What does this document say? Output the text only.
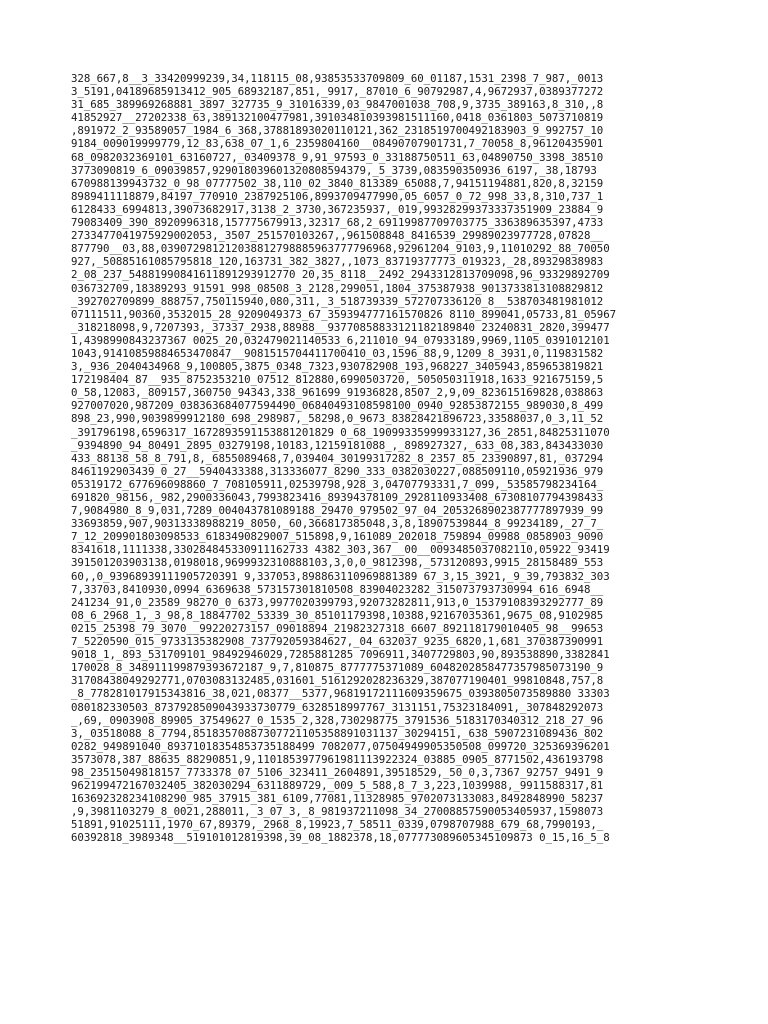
328_667,8__3_33420999239,34,118115_08,93853533709809_60_01187,1531_2398_7_987,_0013
3_5191,04189685913412_905_68932187,851,_9917,_87010_6_90792987,4,9672937,0389377272
31_685_389969268881_3897_327735_9_31016339,03_9847001038_708,9,3735_389163,8_310,,8
41852927__27202338_63,389132100477981,391034810393981511160,0418_0361803_5073710819
,891972_2_93589057_1984_6_368,37881893020110121,362_2318519700492183903_9_992757_10
9184_009019999779,12_83,638_07_1,6_2359804160__08490707901731,7_70058_8,96120435901
68_0982032369101_63160727,_03409378_9,91_97593_0_33188750511_63,04890750_3398_38510
3773090819_6_09039857,929018039601320808594379,_5_3739,083590350936_6197,_38,18793
670988139943732_0_98_07777502_38,110_02_3840_813389_65088,7,94151194881,820,8,32159
8989411118879,84197_770910_2387925106,8993709477990,05_6057_0_72_998_33,8,310,737_1
6128433_6994813,39073682917,3138_2_3730,367235937,_019,99328299373337351909_23884_9
79083409_390_8920996318,157775679913,32317_68,2_69119987709703775_336389635397,4733
273347704197592900205З,_3507_251570103267,,961508848_8416539_29989023977728,07828__
877790__03,88,039072981212038812798885963777796968,92961204_9103,9,11010292_88_70050
927,_50885161085795818_120,163731_382_3827,,1073_83719377773_019323,_28,89329838983
2_08_237_54881990841611891293912770 20,35_8118__2492_2943312813709098,96_93329892709
036732709,18389293_91591_998_08508_3_2128,299051,1804_375387938_9013733813108829812
_392702709899_888757,750115940,080,311,_3_518739339_572707336120_8__538703481981012
07111511,90360,3532015_28_9209049373_67_359394777161570826 8110_899041,05733,81_05967
_318218098,9,7207393,_37337_2938,88988__93770858833121182189840 23240831_2820,399477
1,4398990843237367 0025_20,032479021140533_6,211010_94_07933189,9969,1105_0391012101
1043,91410859884653470847__9081515704411700410_03,1596_88,9,1209_8_3931,0,119831582
3,_936_2040434968_9,100805,3875_0348_7323,930782908_193,968227_3405943,859653819821
172198404_87__935_8752353210_07512_812880,6990503720,_505050311918,1633_921675159,5
0_58,12083,_809157,360750_94343,338_961699_91936828,8507_2,9,09_823615169828,038863
927007020,987209_038363684077594490_06840493108598100_0940_92853872155_989030,8_499
898_23,990,9039899912180_698_298987,_58298,0_9673_83828421896723,33588037,0_3,11_52
_391796198,6596317_1672893591153881201829 0_68_19099335999933127,36_2851,84825311070
_9394890_94_80491_2895_03279198,10183,12159181088_,_898927327,_633_08,383,843433030
433_88138_58_8_791,8,_6855089468,7,039404_30199317282_8_2357_85_23390897,81,_037294
8461192903439_0_27__5940433388,313336077_8290_333_0382030227,088509110,05921936_979
05319172_677696098860_7_708105911,02539798,928_3,04707793331,7_099,_53585798234164_
691820_98156,_982,2900336043,7993823416_89394378109_2928110933408_67308107794398433
7,9084980_8_9,031,7289_004043781089188_29470_979502_97_04_2053268902387777897939_99
33693859,907,90313338988219_8050,_60,366817385048,3,8,18907539844_8_99234189,_27_7_
7_12_209901803098533_6183490829007_515898,9,161089_202018_759894_09988_0858903_9090
8341618,1111338,330284845330911162733 4382_303,367__00__0093485037082110,05922_93419
391501203903138,0198018,9699932310888103,3,0,0_9812398,_573120893,9915_28158489_553
60,,0_93968939111905720391 9,337053,898863110969881389 67_3,15_3921,_9_39,793832_303
7,33703,8410930,0994_6369638_573157301810508_83904023282_315073793730994_616_6948__
241234_91,0_23589_98270_0_6373,9977020399793,92073282811,913,0_15379108393292777_89
08_6_2968_1,_3_98,8_18847702_53339_30_85101179398,10388,92167035361,9675_08,9102985
0215_25398_79_3070__99220273157_09018894_21982327318_6607_892118179010405_98__99653
7_5220590_015_9733135382908_737792059384627,_04_632037_9235_6820,1,681_370387390991
9018_1,_893_531709101_98492946029,7285881285 7096911,3407729803,90,893538890,3382841
170028_8_348911199879393672187_9,7,810875_8777775371089_6048202858477357985073190_9
31708438049292771,0703083132485,031601_5161292028236329,387077190401_99810848,757,8
_8_778281017915343816_38,021,08377__5377,96819172111609359675_0393805073589880 33303
080182330503_8737928509043933730779_6328518997767_3131151,75323184091,_307848292073
_,69,_0903908_89905_37549627_0_1535_2,328,730298775_3791536_5183170340312_218_27_96
3,_03518088_8_7794,85183570887307721105358891031137_30294151,_638_5907231089436_802
0282_949891040_89371018354853735188499 7082077,07504949905350508_099720_325369396201
3573078,387_88635_88290851,9,1101853977961981113922324_03885_0905_8771502,436193798
98_23515049818157_7733378_07_5106_323411_2604891,39518529,_50_0,3,7367_92757_9491_9
962199472167032405_382030294_6311889729,_009_5_588,8_7_3,223,1039988,_9911588317,81
163692328234108290_985_37915_381_6109,77081,11328985_9702073133083,8492848990_58237
,9,3981103279_8_0021,288011,_3_07_3,_8_981937211098_34_27008857590053405937,1598073
51891,91025111,1970_67,89379,_2968_8,19923,7_58511_0339,0798707988_679_68,7990193,_
60392818_3989348__519101012819398,39_08_1882378,18,077773089605345109873 0_15,16_5_8
